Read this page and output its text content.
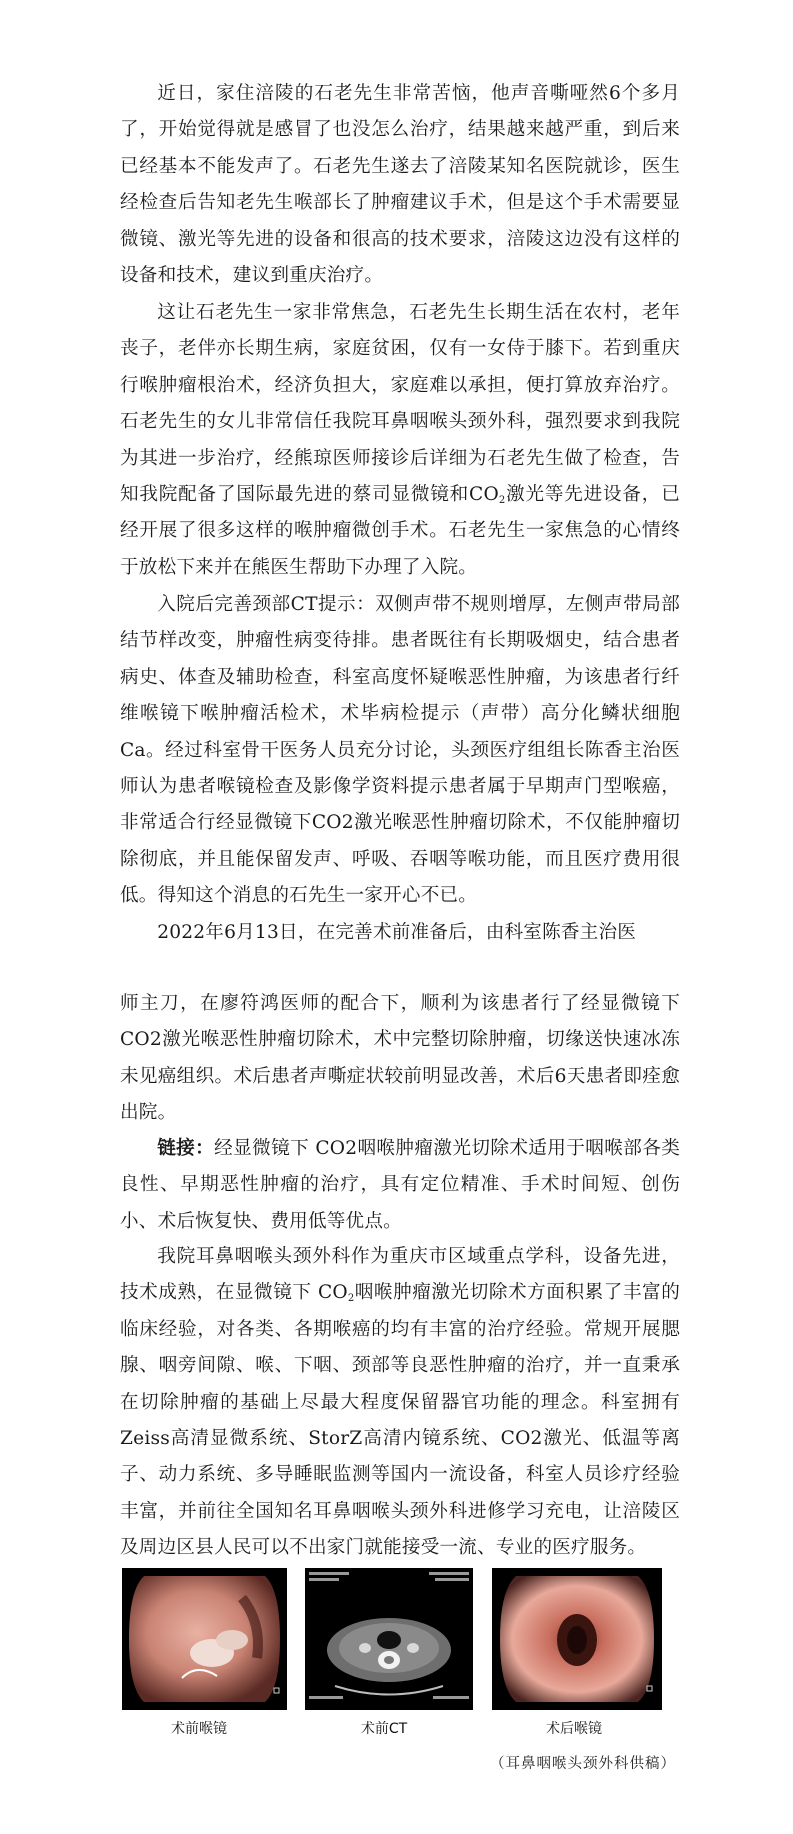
近日，家住涪陵的石老先生非常苦恼，他声音嘶哑然6个多月了，开始觉得就是感冒了也没怎么治疗，结果越来越严重，到后来已经基本不能发声了。石老先生遂去了涪陵某知名医院就诊，医生经检查后告知老先生喉部长了肿瘤建议手术，但是这个手术需要显微镜、激光等先进的设备和很高的技术要求，涪陵这边没有这样的设备和技术，建议到重庆治疗。

这让石老先生一家非常焦急，石老先生长期生活在农村，老年丧子，老伴亦长期生病，家庭贫困，仅有一女侍于膝下。若到重庆行喉肿瘤根治术，经济负担大，家庭难以承担，便打算放弃治疗。石老先生的女儿非常信任我院耳鼻咽喉头颈外科，强烈要求到我院为其进一步治疗，经熊琼医师接诊后详细为石老先生做了检查，告知我院配备了国际最先进的蔡司显微镜和$CO_2$激光等先进设备，已经开展了很多这样的喉肿瘤微创手术。石老先生一家焦急的心情终于放松下来并在熊医生帮助下办理了入院。

入院后完善颈部CT提示：双侧声带不规则增厚，左侧声带局部结节样改变，肿瘤性病变待排。患者既往有长期吸烟史，结合患者病史、体查及辅助检查，科室高度怀疑喉恶性肿瘤，为该患者行纤维喉镜下喉肿瘤活检术，术毕病检提示（声带）高分化鳞状细胞Ca。经过科室骨干医务人员充分讨论，头颈医疗组组长陈香主治医师认为患者喉镜检查及影像学资料提示患者属于早期声门型喉癌，非常适合行经显微镜下CO2激光喉恶性肿瘤切除术，不仅能肿瘤切除彻底，并且能保留发声、呼吸、吞咽等喉功能，而且医疗费用很低。得知这个消息的石先生一家开心不已。

2022年6月13日，在完善术前准备后，由科室陈香主治医

师主刀，在廖符鸿医师的配合下，顺利为该患者行了经显微镜下CO2激光喉恶性肿瘤切除术，术中完整切除肿瘤，切缘送快速冰冻未见癌组织。术后患者声嘶症状较前明显改善，术后6天患者即痊愈出院。

链接：经显微镜下 CO2咽喉肿瘤激光切除术适用于咽喉部各类良性、早期恶性肿瘤的治疗，具有定位精准、手术时间短、创伤小、术后恢复快、费用低等优点。

我院耳鼻咽喉头颈外科作为重庆市区域重点学科，设备先进，技术成熟，在显微镜下 $CO_2$咽喉肿瘤激光切除术方面积累了丰富的临床经验，对各类、各期喉癌的均有丰富的治疗经验。常规开展腮腺、咽旁间隙、喉、下咽、颈部等良恶性肿瘤的治疗，并一直秉承在切除肿瘤的基础上尽最大程度保留器官功能的理念。科室拥有Zeiss高清显微系统、StorZ高清内镜系统、CO2激光、低温等离子、动力系统、多导睡眠监测等国内一流设备，科室人员诊疗经验丰富，并前往全国知名耳鼻咽喉头颈外科进修学习充电，让涪陵区及周边区县人民可以不出家门就能接受一流、专业的医疗服务。

术前喉镜	术前CT	术后喉镜
（耳鼻咽喉头颈外科供稿）
